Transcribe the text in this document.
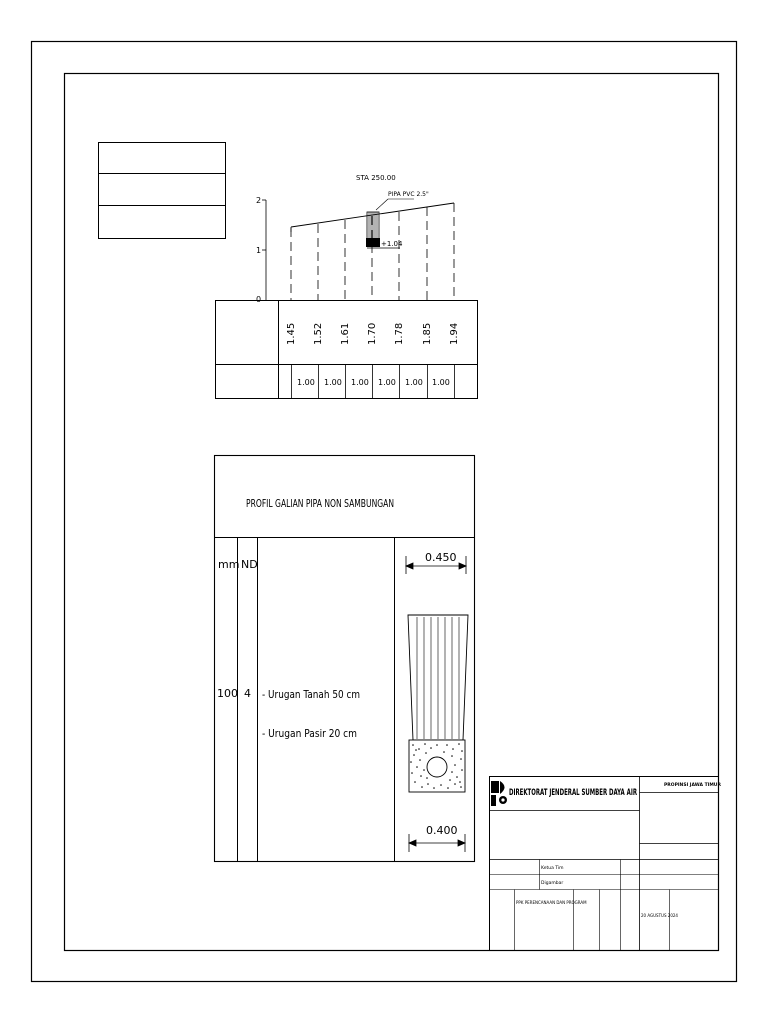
2
1
0
STA 250.00
PIPA PVC 2.5"
+1.04
1.45 1.52 1.61 1.70 1.78 1.85 1.94
1.00 1.00 1.00 1.00 1.00 1.00
PROFIL GALIAN PIPA NON SAMBUNGAN
mm ND
100 4 - Urugan Tanah 50 cm
- Urugan Pasir 20 cm
0.450
0.400
DIREKTORAT JENDERAL SUMBER DAYA AIR
PROPINSI JAWA TIMUR
Ketua Tim
Digambar
PPK PERENCANAAN DAN PROGRAM
20 AGUSTUS 2024
